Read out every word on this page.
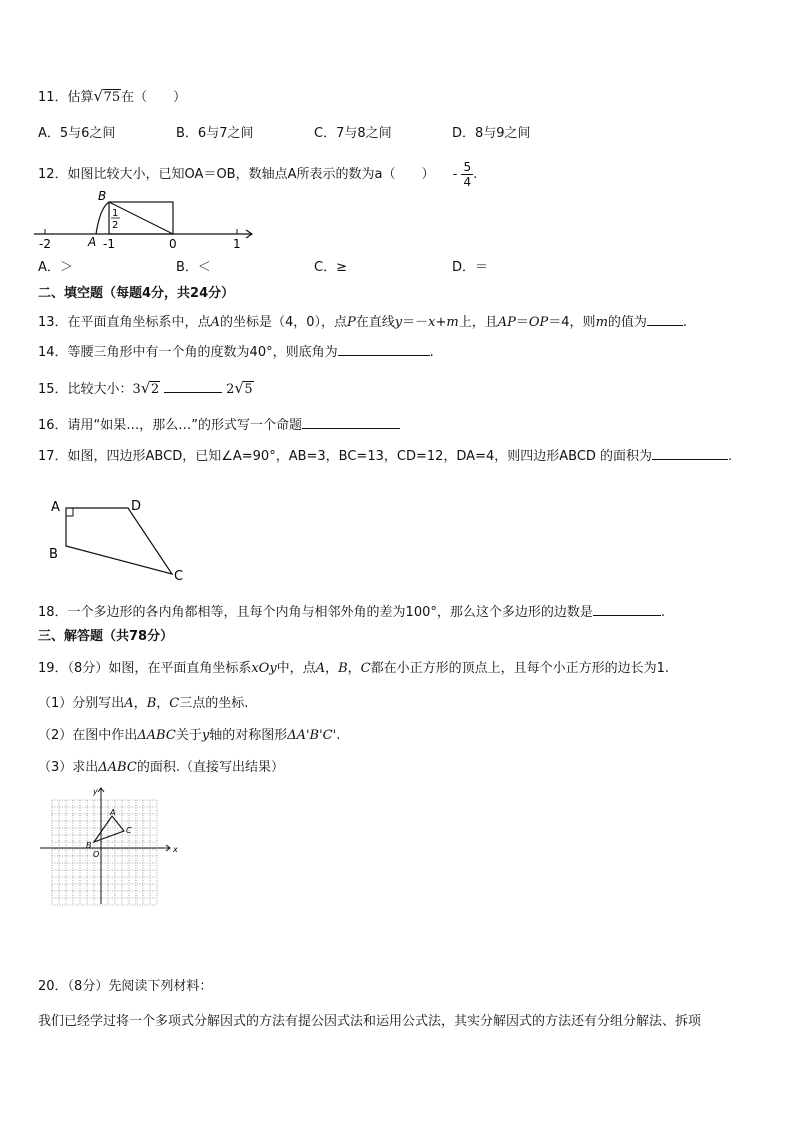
11．估算 √ 75在（　　）
A．5与6之间	B．6与7之间	C．7与8之间	D．8与9之间
12．如图比较大小，已知OA＝OB，数轴点A所表示的数为a（　　） - $\frac{5}{4}$ .
B
A
1
2
-2	-1	0	1
A．＞	B．＜	C．≥	D．＝
二、填空题（每题4分，共24分）
13．在平面直角坐标系中，点A的坐标是（4，0），点P在直线y＝－x+m上，且AP＝OP＝4，则m的值为	.
14．等腰三角形中有一个角的度数为40°，则底角为	.
15．比较大小：3 √ 2	2 √ 5
16．请用“如果…，那么…”的形式写一个命题
17．如图，四边形ABCD，已知∠A=90°，AB=3，BC=13，CD=12，DA=4，则四边形ABCD 的面积为	.
A	D
B
C
18．一个多边形的各内角都相等，且每个内角与相邻外角的差为100°，那么这个多边形的边数是	.
三、解答题（共78分）
19．（8分）如图，在平面直角坐标系xOy中，点A，B，C都在小正方形的顶点上，且每个小正方形的边长为1.
（1）分别写出A，B，C三点的坐标.
（2）在图中作出ΔABC关于y轴的对称图形ΔA'B'C'.
（3）求出ΔABC的面积.（直接写出结果）
x
y
O
A
B
C
20．（8分）先阅读下列材料：
我们已经学过将一个多项式分解因式的方法有提公因式法和运用公式法，其实分解因式的方法还有分组分解法、拆项
